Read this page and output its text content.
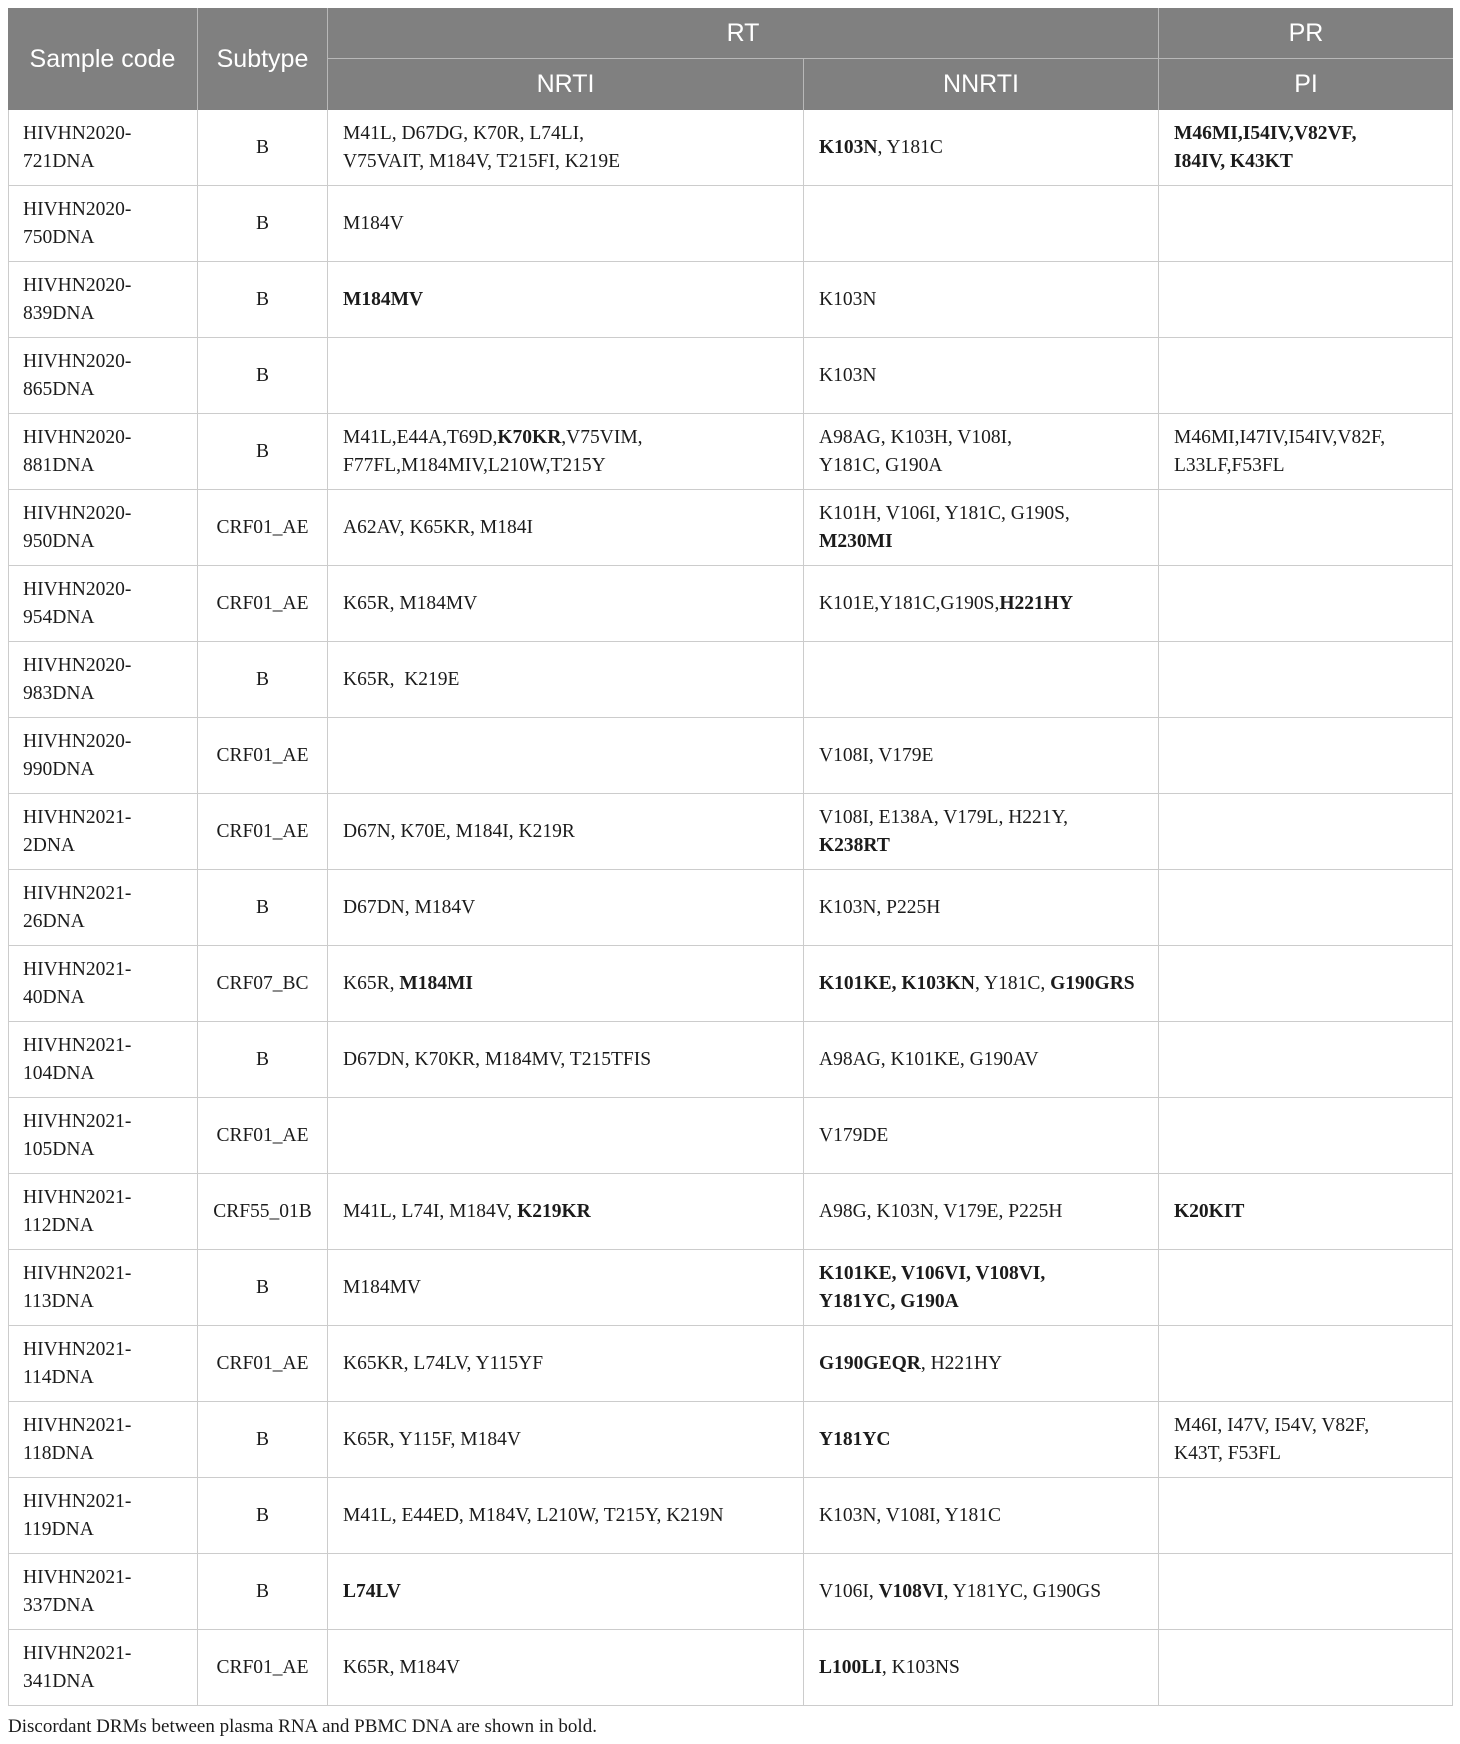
Sample code	Subtype	RT		PR
		NRTI	NNRTI	PI

HIVHN2020-
721DNA	B	M41L, D67DG, K70R, L74LI,
V75VAIT, M184V, T215FI, K219E	K103N, Y181C	M46MI,I54IV,V82VF,
I84IV, K43KT

HIVHN2020-
750DNA	B	M184V		

HIVHN2020-
839DNA	B	M184MV	K103N	

HIVHN2020-
865DNA	B		K103N	

HIVHN2020-
881DNA	B	M41L,E44A,T69D,K70KR,V75VIM,
F77FL,M184MIV,L210W,T215Y	A98AG, K103H, V108I,
Y181C, G190A	M46MI,I47IV,I54IV,V82F,
L33LF,F53FL

HIVHN2020-
950DNA	CRF01_AE	A62AV, K65KR, M184I	K101H, V106I, Y181C, G190S,
M230MI	

HIVHN2020-
954DNA	CRF01_AE	K65R, M184MV	K101E,Y181C,G190S,H221HY	

HIVHN2020-
983DNA	B	K65R,  K219E		

HIVHN2020-
990DNA	CRF01_AE		V108I, V179E	

HIVHN2021-
2DNA	CRF01_AE	D67N, K70E, M184I, K219R	V108I, E138A, V179L, H221Y,
K238RT	

HIVHN2021-
26DNA	B	D67DN, M184V	K103N, P225H	

HIVHN2021-
40DNA	CRF07_BC	K65R, M184MI	K101KE, K103KN, Y181C, G190GRS	

HIVHN2021-
104DNA	B	D67DN, K70KR, M184MV, T215TFIS	A98AG, K101KE, G190AV	

HIVHN2021-
105DNA	CRF01_AE		V179DE	

HIVHN2021-
112DNA	CRF55_01B	M41L, L74I, M184V, K219KR	A98G, K103N, V179E, P225H	K20KIT

HIVHN2021-
113DNA	B	M184MV	K101KE, V106VI, V108VI,
Y181YC, G190A	

HIVHN2021-
114DNA	CRF01_AE	K65KR, L74LV, Y115YF	G190GEQR, H221HY	

HIVHN2021-
118DNA	B	K65R, Y115F, M184V	Y181YC	M46I, I47V, I54V, V82F,
K43T, F53FL

HIVHN2021-
119DNA	B	M41L, E44ED, M184V, L210W, T215Y, K219N	K103N, V108I, Y181C	

HIVHN2021-
337DNA	B	L74LV	V106I, V108VI, Y181YC, G190GS	

HIVHN2021-
341DNA	CRF01_AE	K65R, M184V	L100LI, K103NS	

Discordant DRMs between plasma RNA and PBMC DNA are shown in bold.
